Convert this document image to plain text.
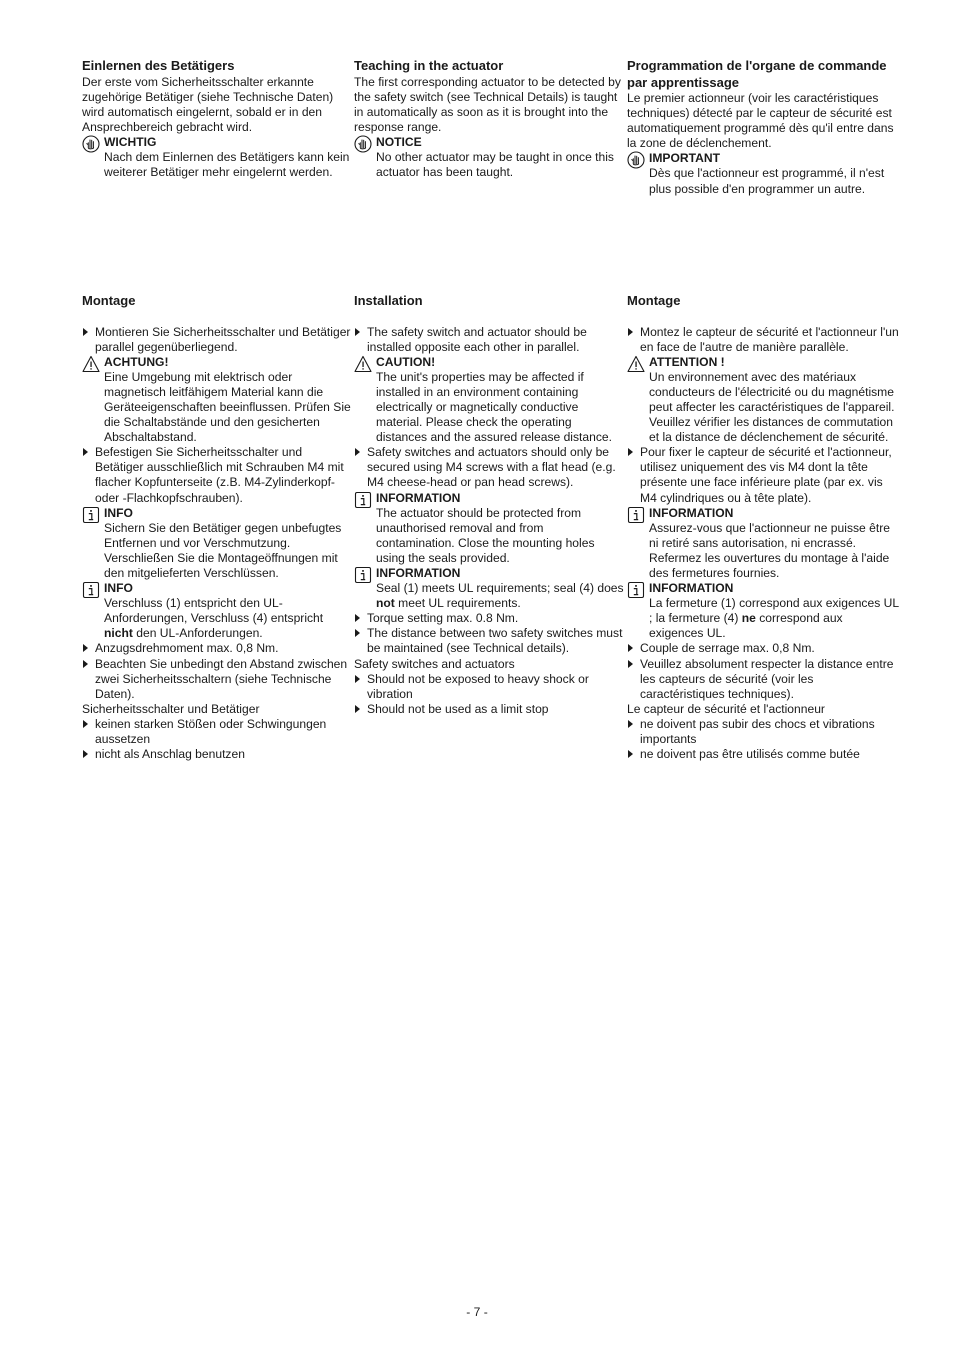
Einlernen des Betätigers

Der erste vom Sicherheitsschalter erkannte zugehörige Betätiger (siehe Technische Daten) wird automatisch eingelernt, sobald er in den Ansprechbereich gebracht wird.

WICHTIG
Nach dem Einlernen des Betätigers kann kein weiterer Betätiger mehr eingelernt werden.
Montage
Montieren Sie Sicherheitsschalter und Betätiger parallel gegenüberliegend.
ACHTUNG!
Eine Umgebung mit elektrisch oder magnetisch leitfähigem Material kann die Geräteeigenschaften beeinflussen. Prüfen Sie die Schaltabstände und den gesicherten Abschaltabstand.
Befestigen Sie Sicherheitsschalter und Betätiger ausschließlich mit Schrauben M4 mit flacher Kopfunterseite (z.B. M4-Zylinderkopf- oder -Flachkopfschrauben).
INFO
Sichern Sie den Betätiger gegen unbefugtes Entfernen und vor Verschmutzung. Verschließen Sie die Montageöffnungen mit den mitgelieferten Verschlüssen.
INFO
Verschluss (1) entspricht den UL-Anforderungen, Verschluss (4) entspricht nicht den UL-Anforderungen.
Anzugsdrehmoment max. 0,8 Nm.
Beachten Sie unbedingt den Abstand zwischen zwei Sicherheitsschaltern (siehe Technische Daten).
Sicherheitsschalter und Betätiger
keinen starken Stößen oder Schwingungen aussetzen
nicht als Anschlag benutzen
Teaching in the actuator

The first corresponding actuator to be detected by the safety switch (see Technical Details) is taught in automatically as soon as it is brought into the response range.

NOTICE
No other actuator may be taught in once this actuator has been taught.
Installation
The safety switch and actuator should be installed opposite each other in parallel.
CAUTION!
The unit's properties may be affected if installed in an environment containing electrically or magnetically conductive material. Please check the operating distances and the assured release distance.
Safety switches and actuators should only be secured using M4 screws with a flat head (e.g. M4 cheese-head or pan head screws).
INFORMATION
The actuator should be protected from unauthorised removal and from contamination. Close the mounting holes using the seals provided.
INFORMATION
Seal (1) meets UL requirements; seal (4) does not meet UL requirements.
Torque setting max. 0.8 Nm.
The distance between two safety switches must be maintained (see Technical details).
Safety switches and actuators
Should not be exposed to heavy shock or vibration
Should not be used as a limit stop
Programmation de l'organe de commande par apprentissage

Le premier actionneur (voir les caractéristiques techniques) détecté par le capteur de sécurité est automatiquement programmé dès qu'il entre dans la zone de déclenchement.

IMPORTANT
Dès que l'actionneur est programmé, il n'est plus possible d'en programmer un autre.
Montage
Montez le capteur de sécurité et l'actionneur l'un en face de l'autre de manière parallèle.
ATTENTION !
Un environnement avec des matériaux conducteurs de l'électricité ou du magnétisme peut affecter les caractéristiques de l'appareil. Veuillez vérifier les distances de commutation et la distance de déclenchement de sécurité.
Pour fixer le capteur de sécurité et l'actionneur, utilisez uniquement des vis M4 dont la tête présente une face inférieure plate (par ex. vis M4 cylindriques ou à tête plate).
INFORMATION
Assurez-vous que l'actionneur ne puisse être ni retiré sans autorisation, ni encrassé. Refermez les ouvertures du montage à l'aide des fermetures fournies.
INFORMATION
La fermeture (1) correspond aux exigences UL ; la fermeture (4) ne correspond aux exigences UL.
Couple de serrage max. 0,8 Nm.
Veuillez absolument respecter la distance entre les capteurs de sécurité (voir les caractéristiques techniques).
Le capteur de sécurité et l'actionneur
ne doivent pas subir des chocs et vibrations importants
ne doivent pas être utilisés comme butée
- 7 -
